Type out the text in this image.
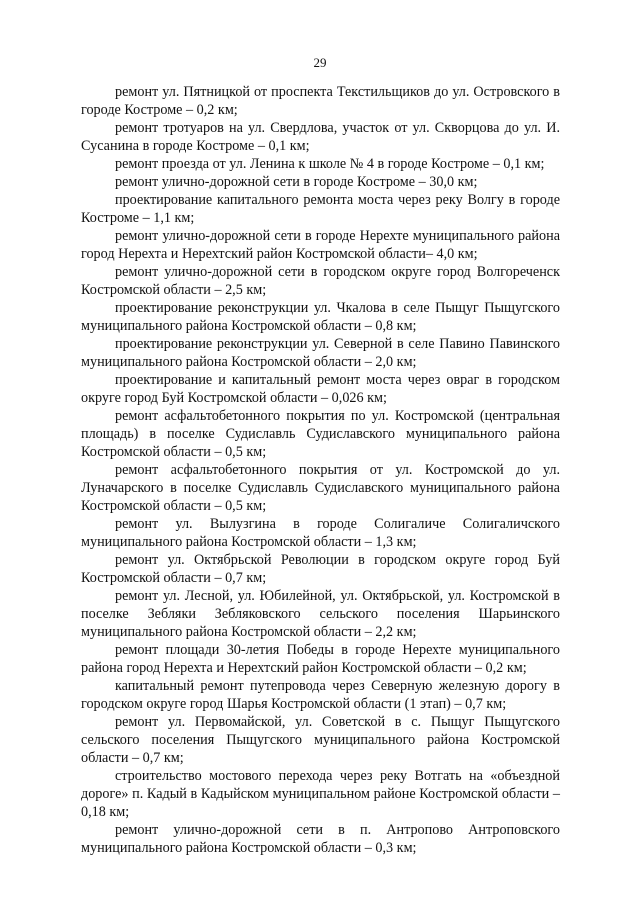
29

ремонт ул. Пятницкой от проспекта Текстильщиков до ул. Островского в городе Костроме – 0,2 км;

ремонт тротуаров на ул. Свердлова, участок от ул. Скворцова до ул. И. Сусанина в городе Костроме – 0,1 км;

ремонт проезда от ул. Ленина к школе № 4 в городе Костроме – 0,1 км;

ремонт улично-дорожной сети в городе Костроме – 30,0 км;

проектирование капитального ремонта моста через реку Волгу в городе Костроме – 1,1 км;

ремонт улично-дорожной сети в городе Нерехте муниципального района город Нерехта и Нерехтский район Костромской области– 4,0 км;

ремонт улично-дорожной сети в городском округе город Волгореченск Костромской области – 2,5 км;

проектирование реконструкции ул. Чкалова в селе Пыщуг Пыщугского муниципального района Костромской области – 0,8 км;

проектирование реконструкции ул. Северной в селе Павино Павинского муниципального района Костромской области – 2,0 км;

проектирование и капитальный ремонт моста через овраг в городском округе город Буй Костромской области – 0,026 км;

ремонт асфальтобетонного покрытия по ул. Костромской (центральная площадь) в поселке Судиславль Судиславского муниципального района Костромской области – 0,5 км;

ремонт асфальтобетонного покрытия от ул. Костромской до ул. Луначарского в поселке Судиславль Судиславского муниципального района Костромской области – 0,5 км;

ремонт ул. Вылузгина в городе Солигаличе Солигаличского муниципального района Костромской области – 1,3 км;

ремонт ул. Октябрьской Революции в городском округе город Буй Костромской области – 0,7 км;

ремонт ул. Лесной, ул. Юбилейной, ул. Октябрьской, ул. Костромской в поселке Зебляки Зебляковского сельского поселения Шарьинского муниципального района Костромской области – 2,2 км;

ремонт площади 30-летия Победы в городе Нерехте муниципального района город Нерехта и Нерехтский район Костромской области – 0,2 км;

капитальный ремонт путепровода через Северную железную дорогу в городском округе город Шарья Костромской области (1 этап) – 0,7 км;

ремонт ул. Первомайской, ул. Советской в с. Пыщуг Пыщугского сельского поселения Пыщугского муниципального района Костромской области – 0,7 км;

строительство мостового перехода через реку Вотгать на «объездной дороге» п. Кадый в Кадыйском муниципальном районе Костромской области – 0,18 км;

ремонт улично-дорожной сети в п. Антропово Антроповского муниципального района Костромской области – 0,3 км;
